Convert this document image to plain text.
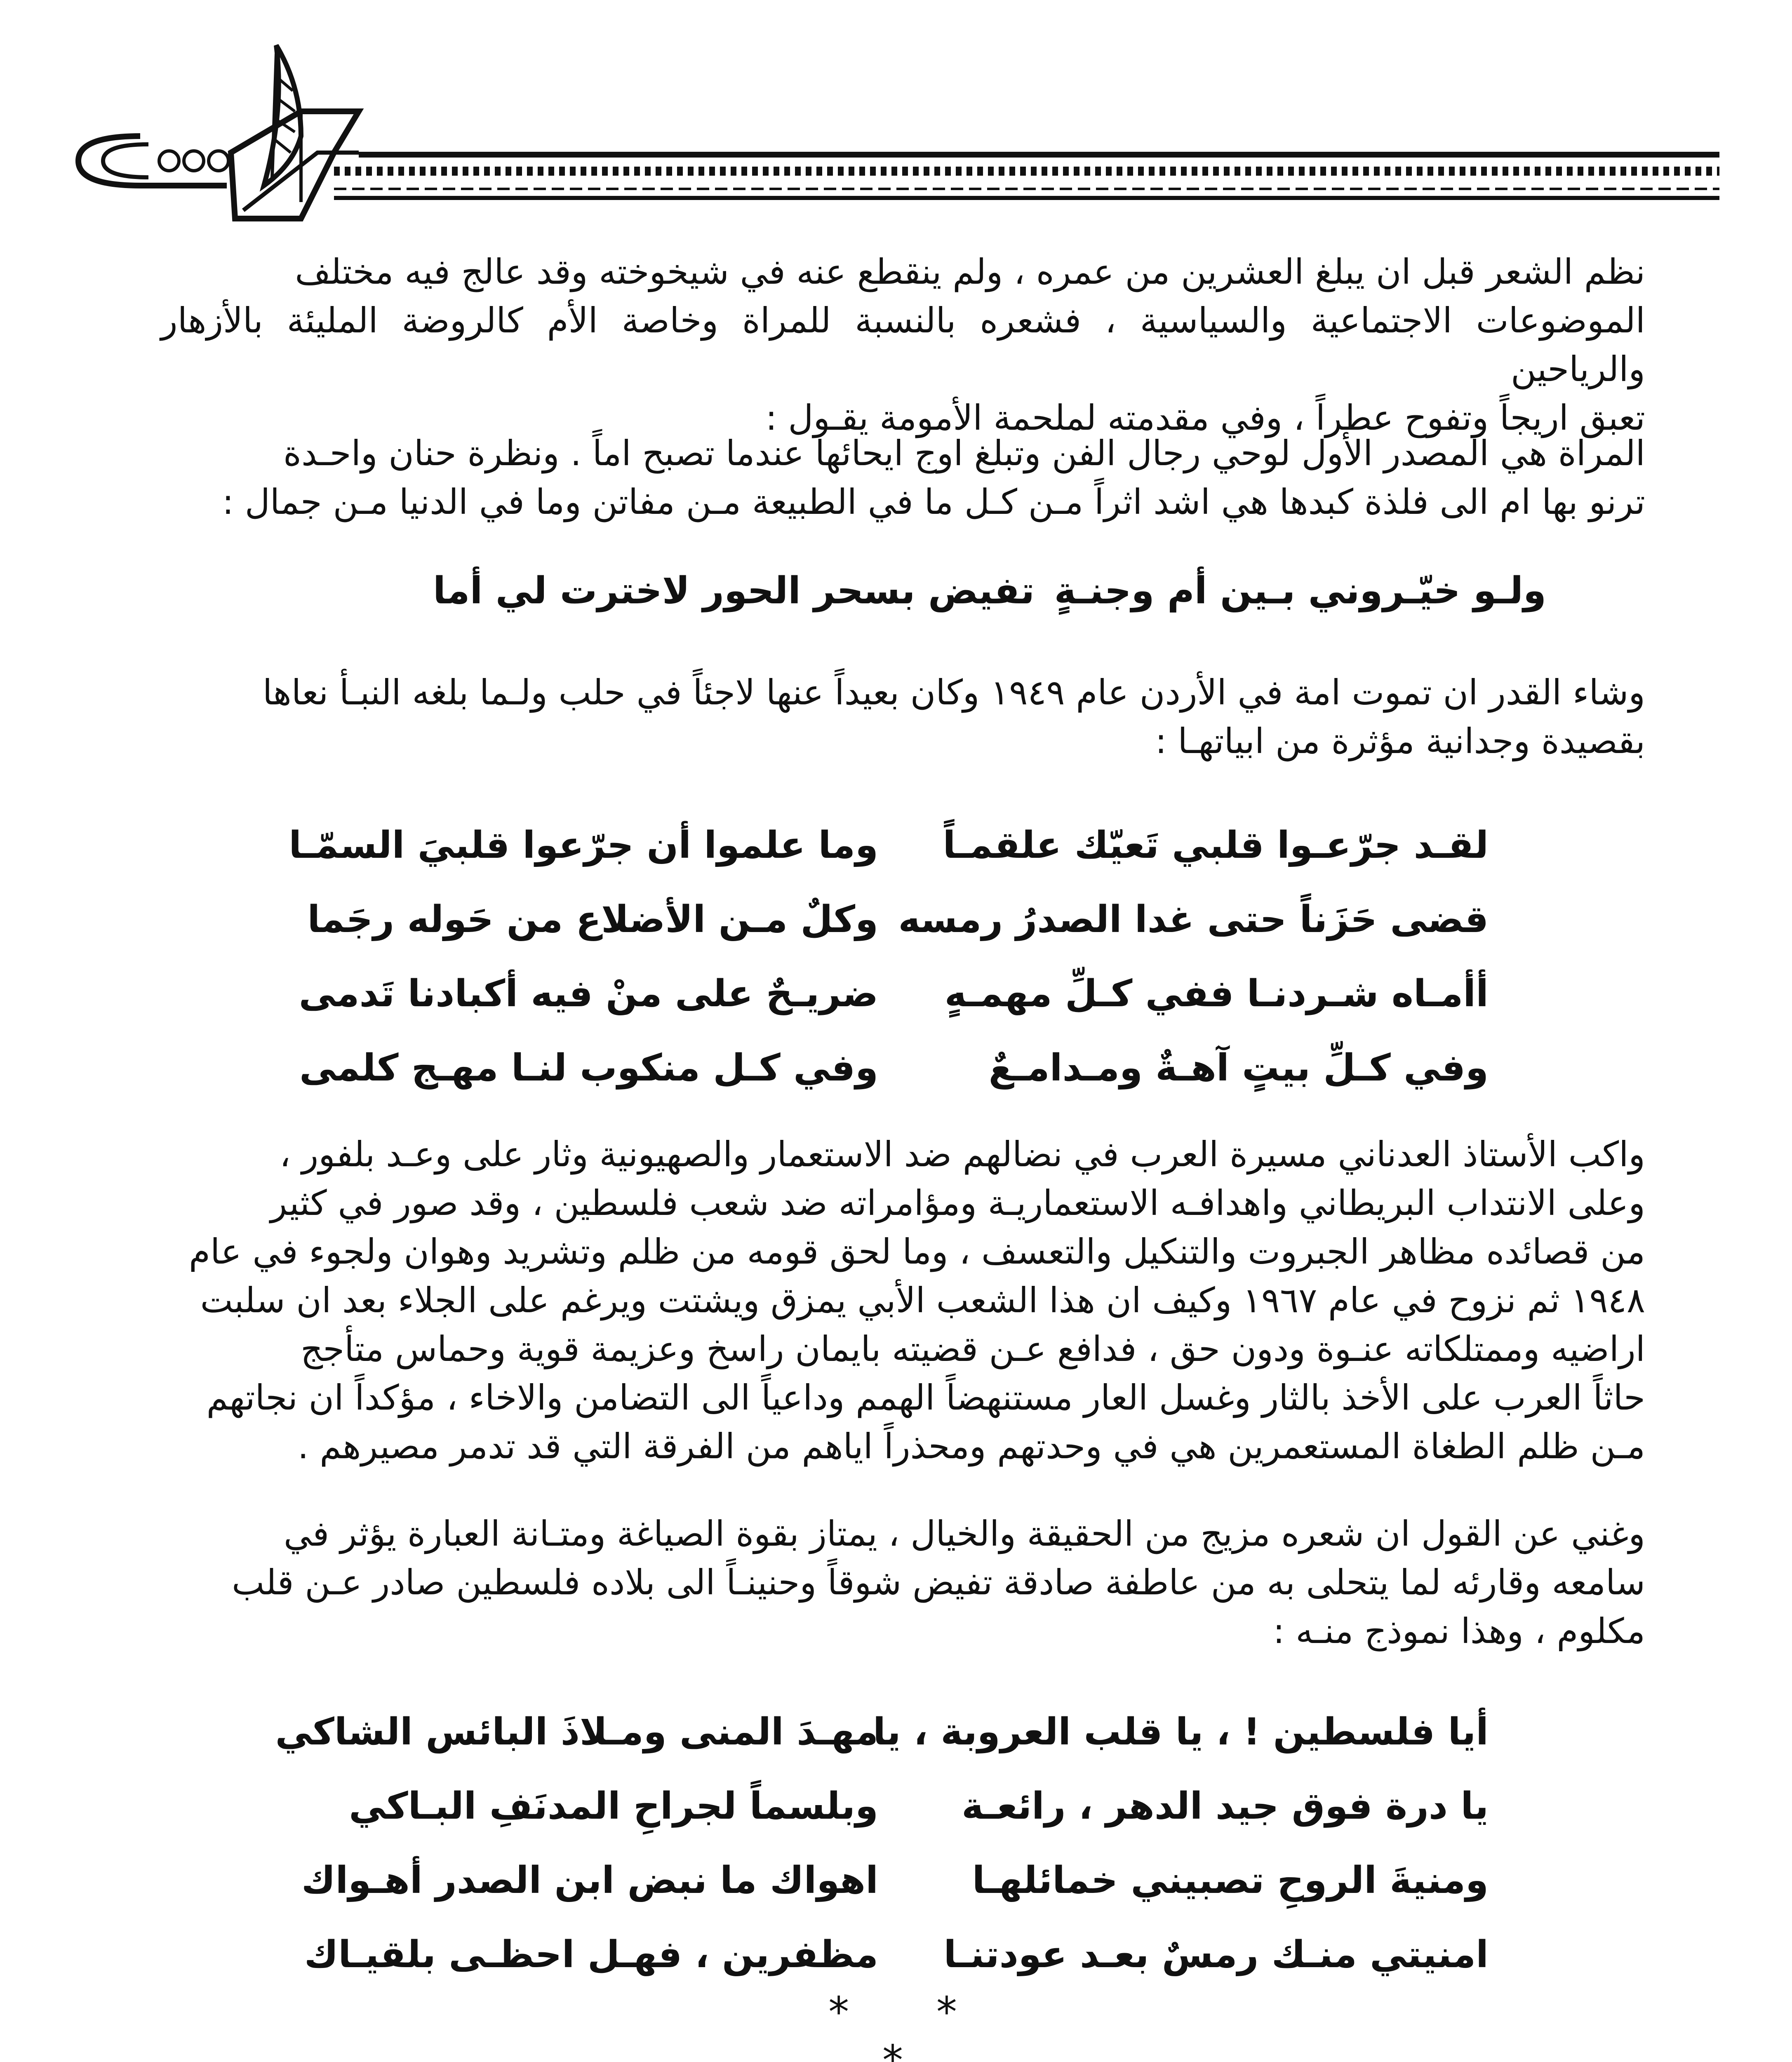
نظم الشعر قبل ان يبلغ العشرين من عمره ، ولم ينقطع عنه في شيخوخته وقد عالج فيه مختلف

الموضوعات الاجتماعية والسياسية ، فشعره بالنسبة للمراة وخاصة الأم كالروضة المليئة بالأزهار والرياحين

تعبق اريجاً وتفوح عطراً ، وفي مقدمته لملحمة الأمومة يقـول :

المراة هي المصدر الأول لوحي رجال الفن وتبلغ اوج ايحائها عندما تصبح اماً . ونظرة حنان واحـدة

ترنو بها ام الى فلذة كبدها هي اشد اثراً مـن كـل ما في الطبيعة مـن مفاتن وما في الدنيا مـن جمال :

ولـو خيّـروني بـين أم وجنـةٍ
تفيض بسحر الحور لاخترت لي أما

وشاء القدر ان تموت امة في الأردن عام ١٩٤٩ وكان بعيداً عنها لاجئاً في حلب ولـما بلغه النبـأ نعاها

بقصيدة وجدانية مؤثرة من ابياتهـا :

لقـد جرّعـوا قلبي تَعيّك علقمـاً
وما علموا أن جرّعوا قلبيَ السمّـا
قضى حَزَناً حتى غدا الصدرُ رمسه
وكلٌ مـن الأضلاع من حَوله رجَما
أأمـاه شـردنـا ففي كـلِّ مهمـهٍ
ضريـحٌ على منْ فيه أكبادنا تَدمى
وفي كـلِّ بيتٍ آهـةٌ ومـدامـعٌ
وفي كـل منكوب لنـا مهـج كلمى

واكب الأستاذ العدناني مسيرة العرب في نضالهم ضد الاستعمار والصهيونية وثار على وعـد بلفور ،

وعلى الانتداب البريطاني واهدافـه الاستعماريـة ومؤامراته ضد شعب فلسطين ، وقد صور في كثير

من قصائده مظاهر الجبروت والتنكيل والتعسف ، وما لحق قومه من ظلم وتشريد وهوان ولجوء في عام

١٩٤٨ ثم نزوح في عام ١٩٦٧ وكيف ان هذا الشعب الأبي يمزق ويشتت ويرغم على الجلاء بعد ان سلبت

اراضيه وممتلكاته عنـوة ودون حق ، فدافع عـن قضيته بايمان راسخ وعزيمة قوية وحماس متأجج

حاثاً العرب على الأخذ بالثار وغسل العار مستنهضاً الهمم وداعياً الى التضامن والاخاء ، مؤكداً ان نجاتهم

مـن ظلم الطغاة المستعمرين هي في وحدتهم ومحذراً اياهم من الفرقة التي قد تدمر مصيرهم .

وغني عن القول ان شعره مزيج من الحقيقة والخيال ، يمتاز بقوة الصياغة ومتـانة العبارة يؤثر في

سامعه وقارئه لما يتحلى به من عاطفة صادقة تفيض شوقاً وحنينـاً الى بلاده فلسطين صادر عـن قلب

مكلوم ، وهذا نموذج منـه :

أيا فلسطين ! ، يا قلب العروبة ، يا
مهـدَ المنى ومـلاذَ البائس الشاكي
يا درة فوق جيد الدهر ، رائعـة
وبلسماً لجراحِ المدنَفِ البـاكي
ومنيةَ الروحِ تصبيني خمائلهـا
اهواك ما نبض ابن الصدر أهـواك
امنيتي منـك رمسٌ بعـد عودتنـا
مظفرين ، فهـل احظـى بلقيـاك
* * *
